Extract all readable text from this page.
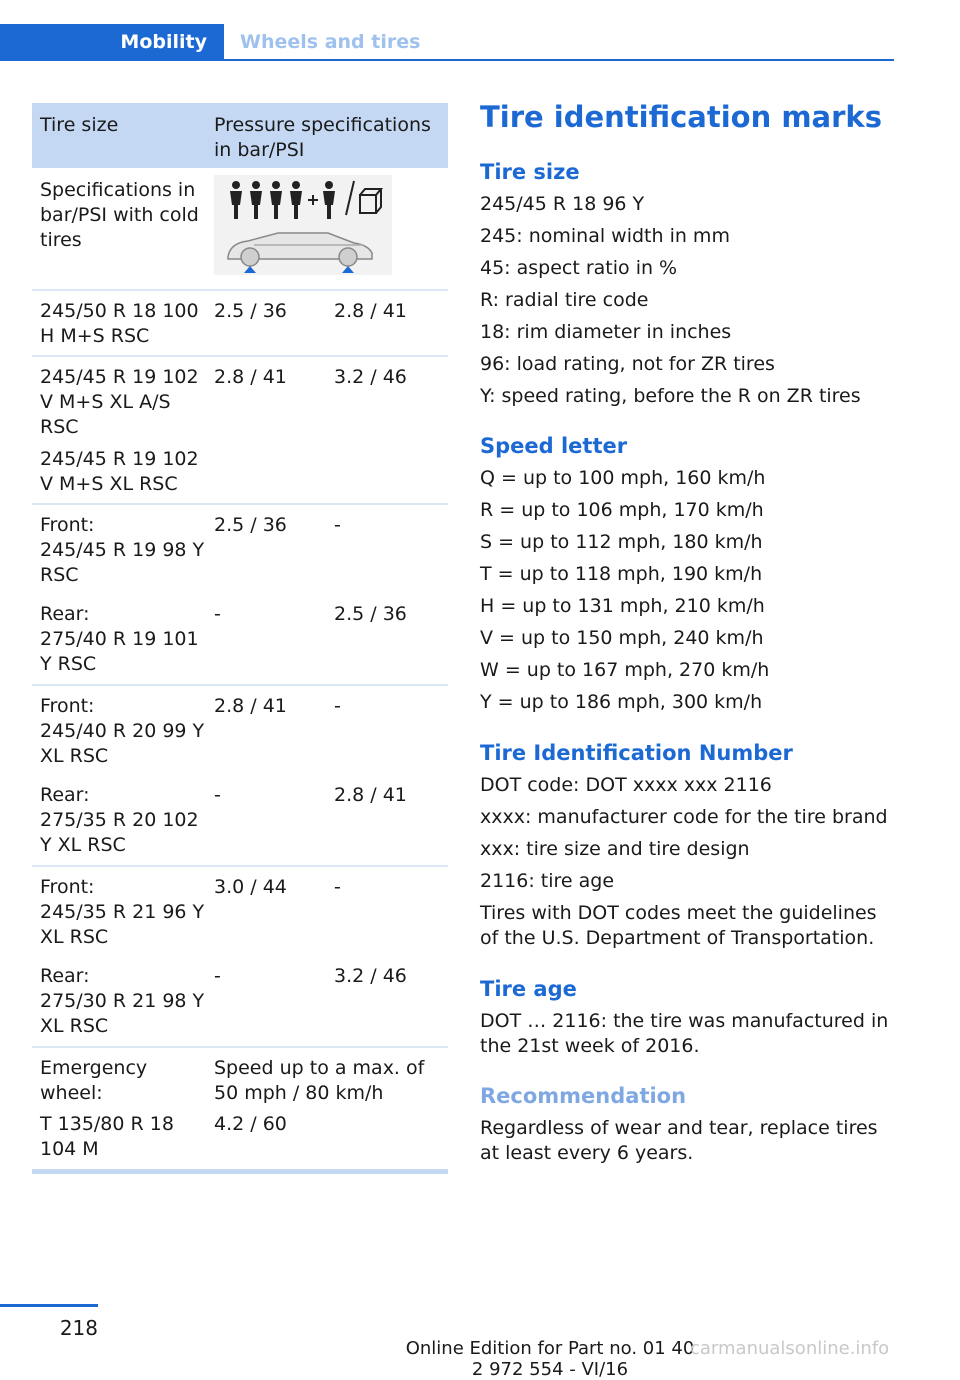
Mobility	Wheels and tires
Tire size	Pressure specifications in bar/PSI
Specifications in bar/PSI with cold tires
245/50 R 18 100 H M+S RSC
2.5 / 36	2.8 / 41
245/45 R 19 102 V M+S XL A/S RSC
245/45 R 19 102 V M+S XL RSC
2.8 / 41	3.2 / 46
Front:
245/45 R 19 98 Y RSC
2.5 / 36	-
Rear:
275/40 R 19 101 Y RSC
-	2.5 / 36
Front:
245/40 R 20 99 Y XL RSC
2.8 / 41	-
Rear:
275/35 R 20 102 Y XL RSC
-	2.8 / 41
Front:
245/35 R 21 96 Y XL RSC
3.0 / 44	-
Rear:
275/30 R 21 98 Y XL RSC
-	3.2 / 46
Emergency wheel:
T 135/80 R 18 104 M
Speed up to a max. of 50 mph / 80 km/h
4.2 / 60
Tire identification marks
Tire size
245/45 R 18 96 Y
245: nominal width in mm
45: aspect ratio in %
R: radial tire code
18: rim diameter in inches
96: load rating, not for ZR tires
Y: speed rating, before the R on ZR tires
Speed letter
Q = up to 100 mph, 160 km/h
R = up to 106 mph, 170 km/h
S = up to 112 mph, 180 km/h
T = up to 118 mph, 190 km/h
H = up to 131 mph, 210 km/h
V = up to 150 mph, 240 km/h
W = up to 167 mph, 270 km/h
Y = up to 186 mph, 300 km/h
Tire Identification Number
DOT code: DOT xxxx xxx 2116
xxxx: manufacturer code for the tire brand
xxx: tire size and tire design
2116: tire age
Tires with DOT codes meet the guidelines of the U.S. Department of Transportation.
Tire age
DOT … 2116: the tire was manufactured in the 21st week of 2016.
Recommendation
Regardless of wear and tear, replace tires at least every 6 years.
218
Online Edition for Part no. 01 40 2 972 554 - VI/16
carmanualsonline.info
